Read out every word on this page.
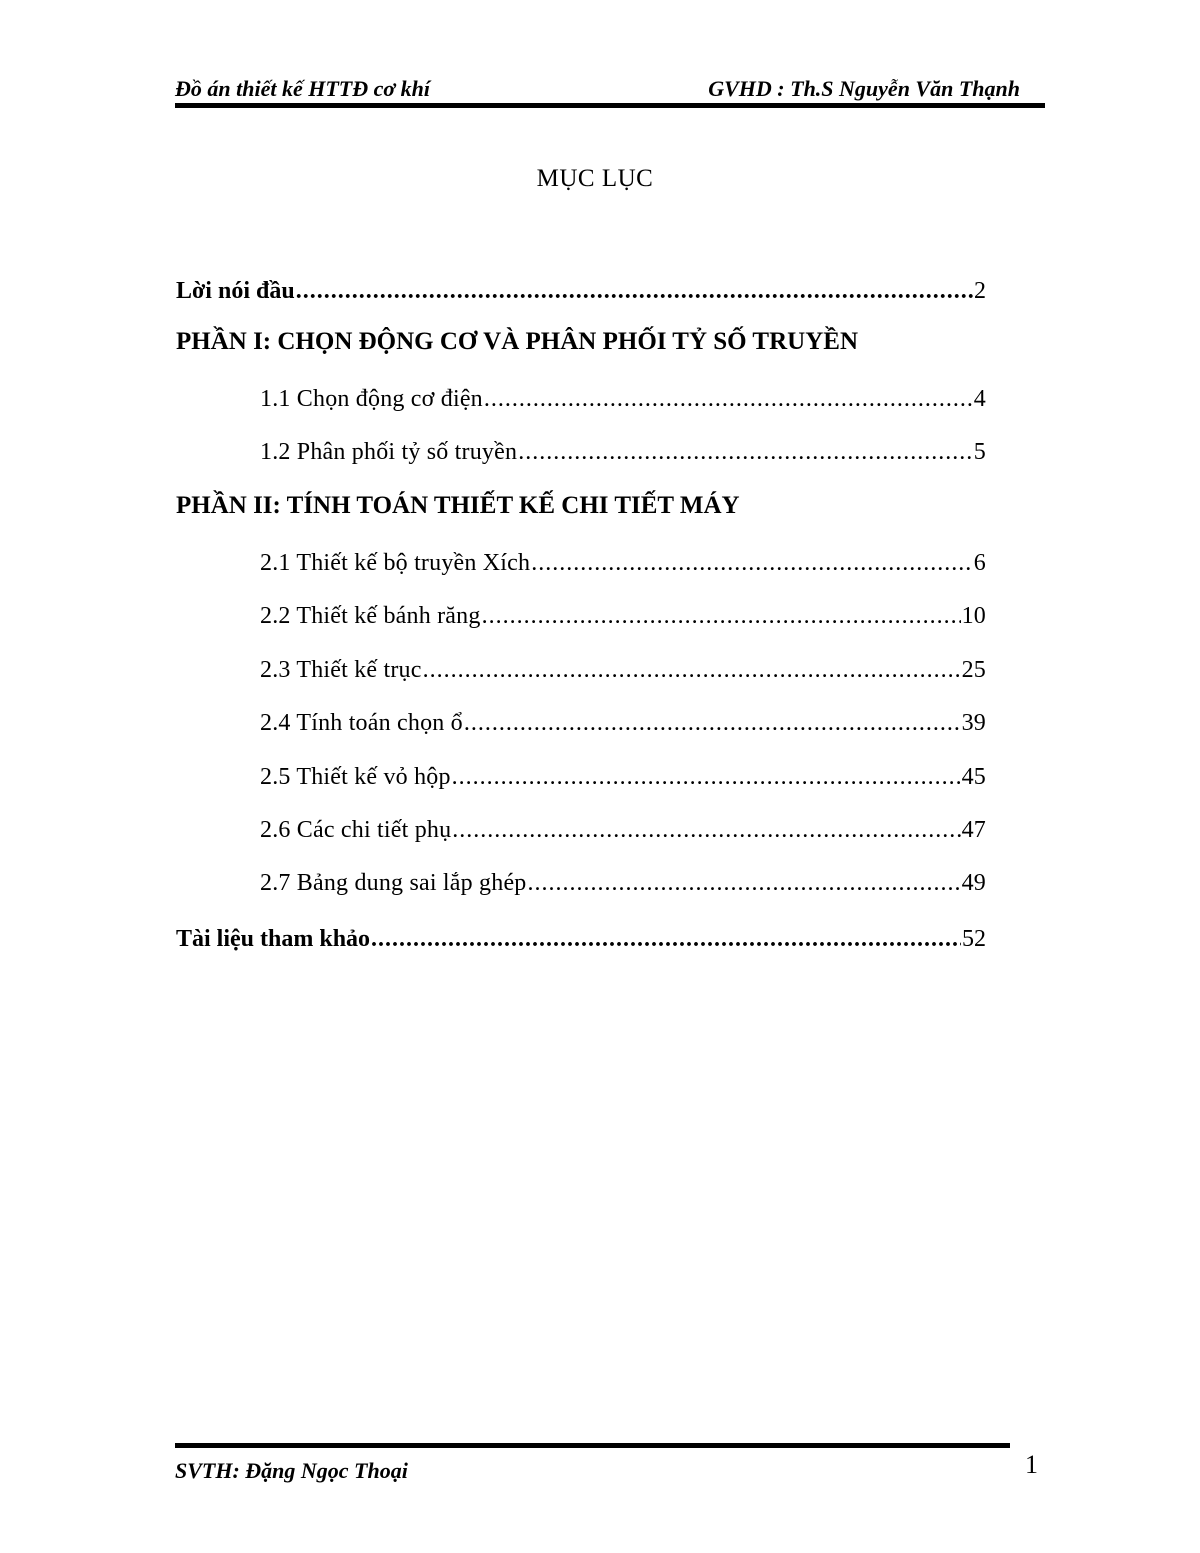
Đồ án thiết kế HTTĐ cơ khí	GVHD : Th.S Nguyễn Văn Thạnh
MỤC LỤC
Lời nói đầu .....	2
PHẦN I: CHỌN ĐỘNG CƠ VÀ PHÂN PHỐI TỶ SỐ TRUYỀN
1.1 Chọn động cơ điện .....	4
1.2 Phân phối tỷ số truyền .....	5
PHẦN II: TÍNH TOÁN THIẾT KẾ CHI TIẾT MÁY
2.1 Thiết kế bộ truyền Xích .....	6
2.2 Thiết kế bánh răng .....	10
2.3 Thiết kế trục .....	25
2.4 Tính toán chọn ổ .....	39
2.5 Thiết kế vỏ hộp .....	45
2.6 Các chi tiết phụ .....	47
2.7 Bảng dung sai lắp ghép .....	49
Tài liệu tham khảo .....	52
SVTH: Đặng Ngọc Thoại	1
